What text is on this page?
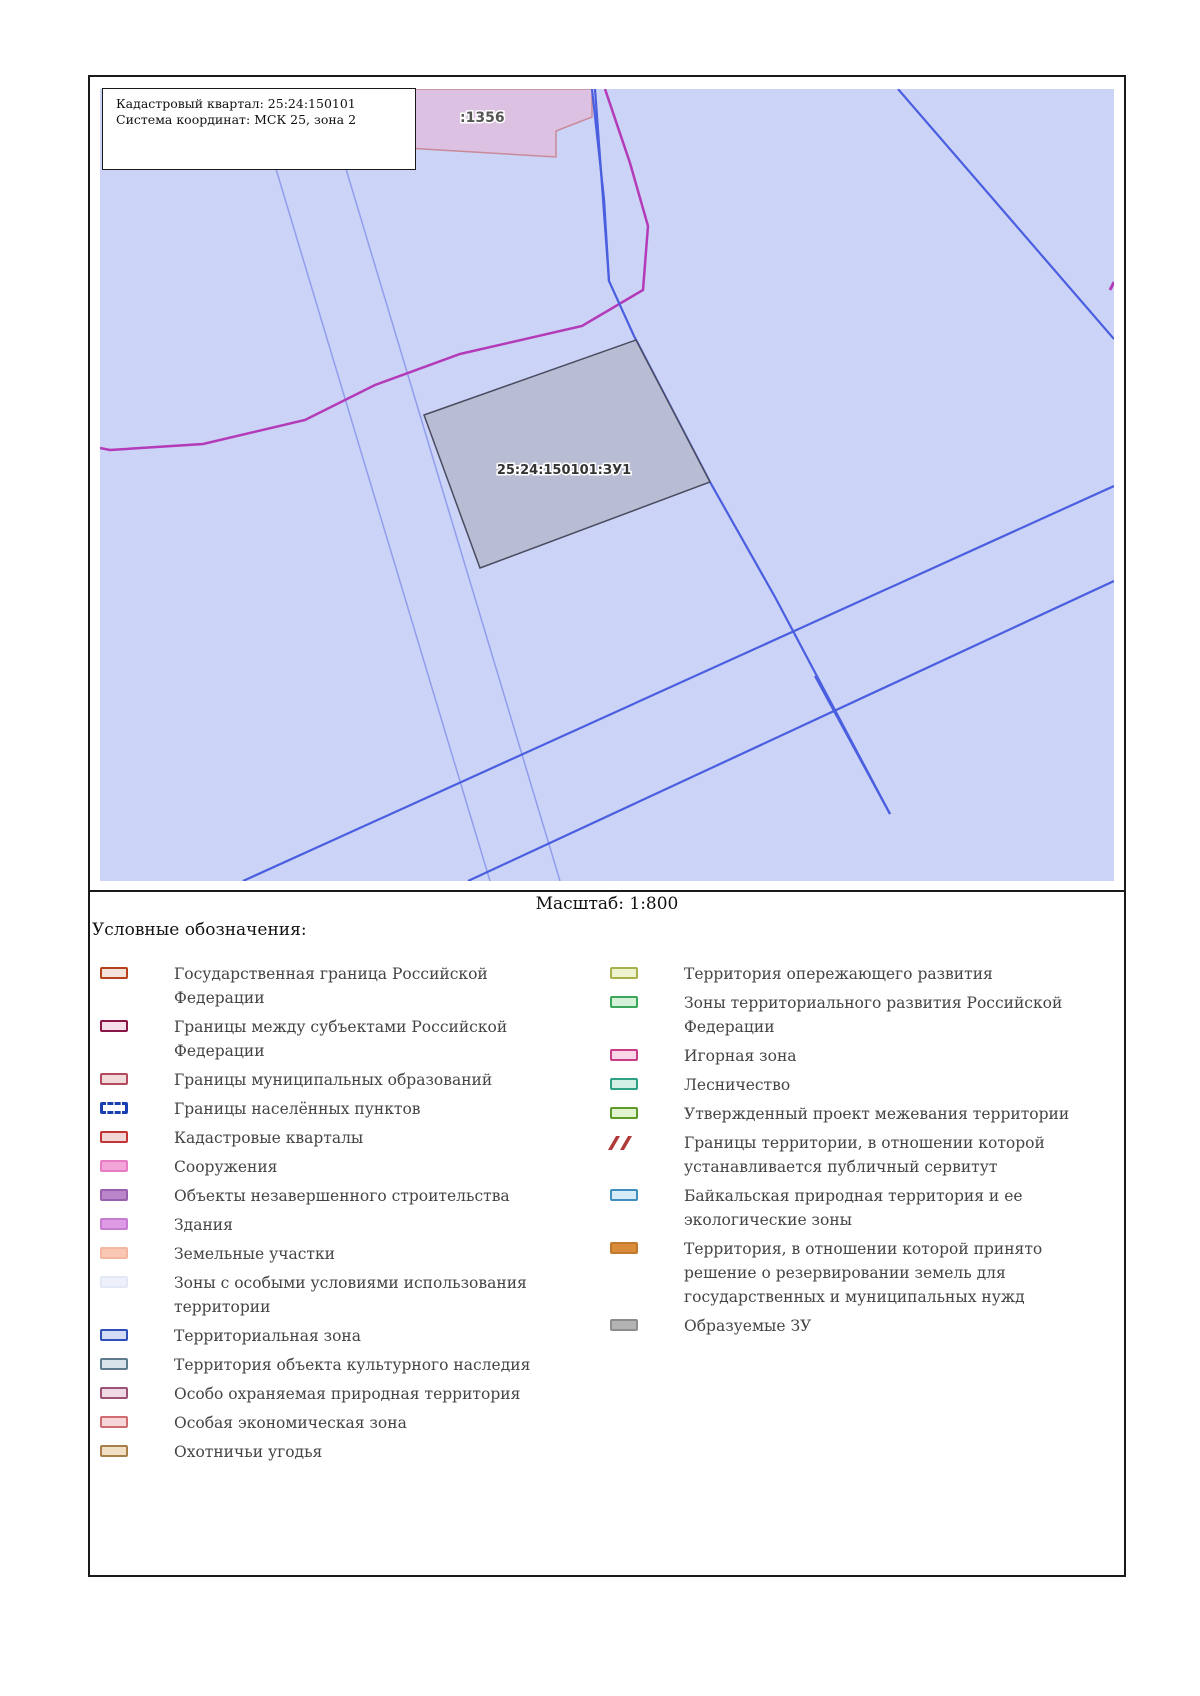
:1356
25:24:150101:ЗУ1
Кадастровый квартал: 25:24:150101
Система координат: МСК 25, зона 2
Масштаб: 1:800
Условные обозначения:
Государственная граница Российской Федерации
Границы между субъектами Российской Федерации
Границы муниципальных образований
Границы населённых пунктов
Кадастровые кварталы
Сооружения
Объекты незавершенного строительства
Здания
Земельные участки
Зоны с особыми условиями использования территории
Территориальная зона
Территория объекта культурного наследия
Особо охраняемая природная территория
Особая экономическая зона
Охотничьи угодья
Территория опережающего развития
Зоны территориального развития Российской Федерации
Игорная зона
Лесничество
Утвержденный проект межевания территории
Границы территории, в отношении которой устанавливается публичный сервитут
Байкальская природная территория и ее экологические зоны
Территория, в отношении которой принято решение о резервировании земель для государственных и муниципальных нужд
Образуемые ЗУ
